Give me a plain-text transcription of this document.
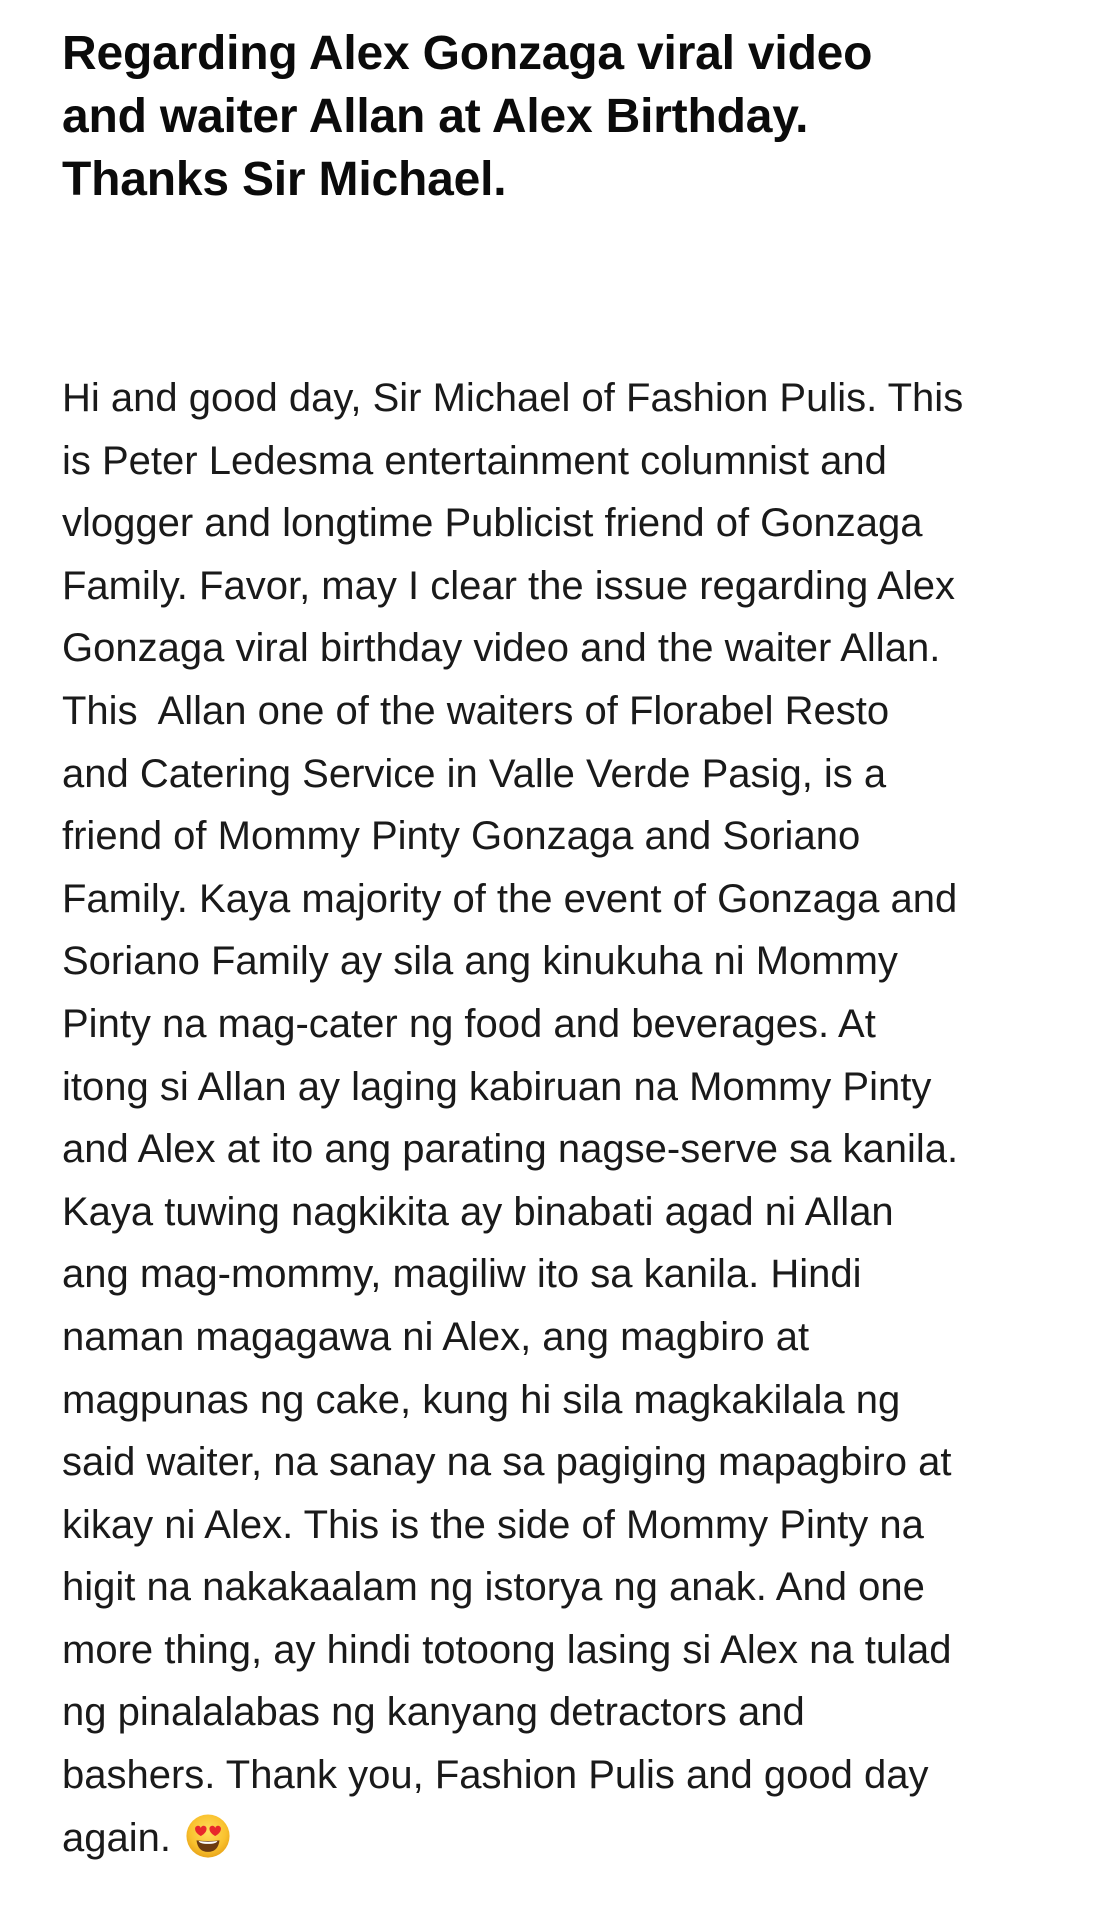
Regarding Alex Gonzaga viral video
and waiter Allan at Alex Birthday.
Thanks Sir Michael.
Hi and good day, Sir Michael of Fashion Pulis. This
is Peter Ledesma entertainment columnist and
vlogger and longtime Publicist friend of Gonzaga
Family. Favor, may I clear the issue regarding Alex
Gonzaga viral birthday video and the waiter Allan.
This  Allan one of the waiters of Florabel Resto
and Catering Service in Valle Verde Pasig, is a
friend of Mommy Pinty Gonzaga and Soriano
Family. Kaya majority of the event of Gonzaga and
Soriano Family ay sila ang kinukuha ni Mommy
Pinty na mag-cater ng food and beverages. At
itong si Allan ay laging kabiruan na Mommy Pinty
and Alex at ito ang parating nagse-serve sa kanila.
Kaya tuwing nagkikita ay binabati agad ni Allan
ang mag-mommy, magiliw ito sa kanila. Hindi
naman magagawa ni Alex, ang magbiro at
magpunas ng cake, kung hi sila magkakilala ng
said waiter, na sanay na sa pagiging mapagbiro at
kikay ni Alex. This is the side of Mommy Pinty na
higit na nakakaalam ng istorya ng anak. And one
more thing, ay hindi totoong lasing si Alex na tulad
ng pinalalabas ng kanyang detractors and
bashers. Thank you, Fashion Pulis and good day
again.
